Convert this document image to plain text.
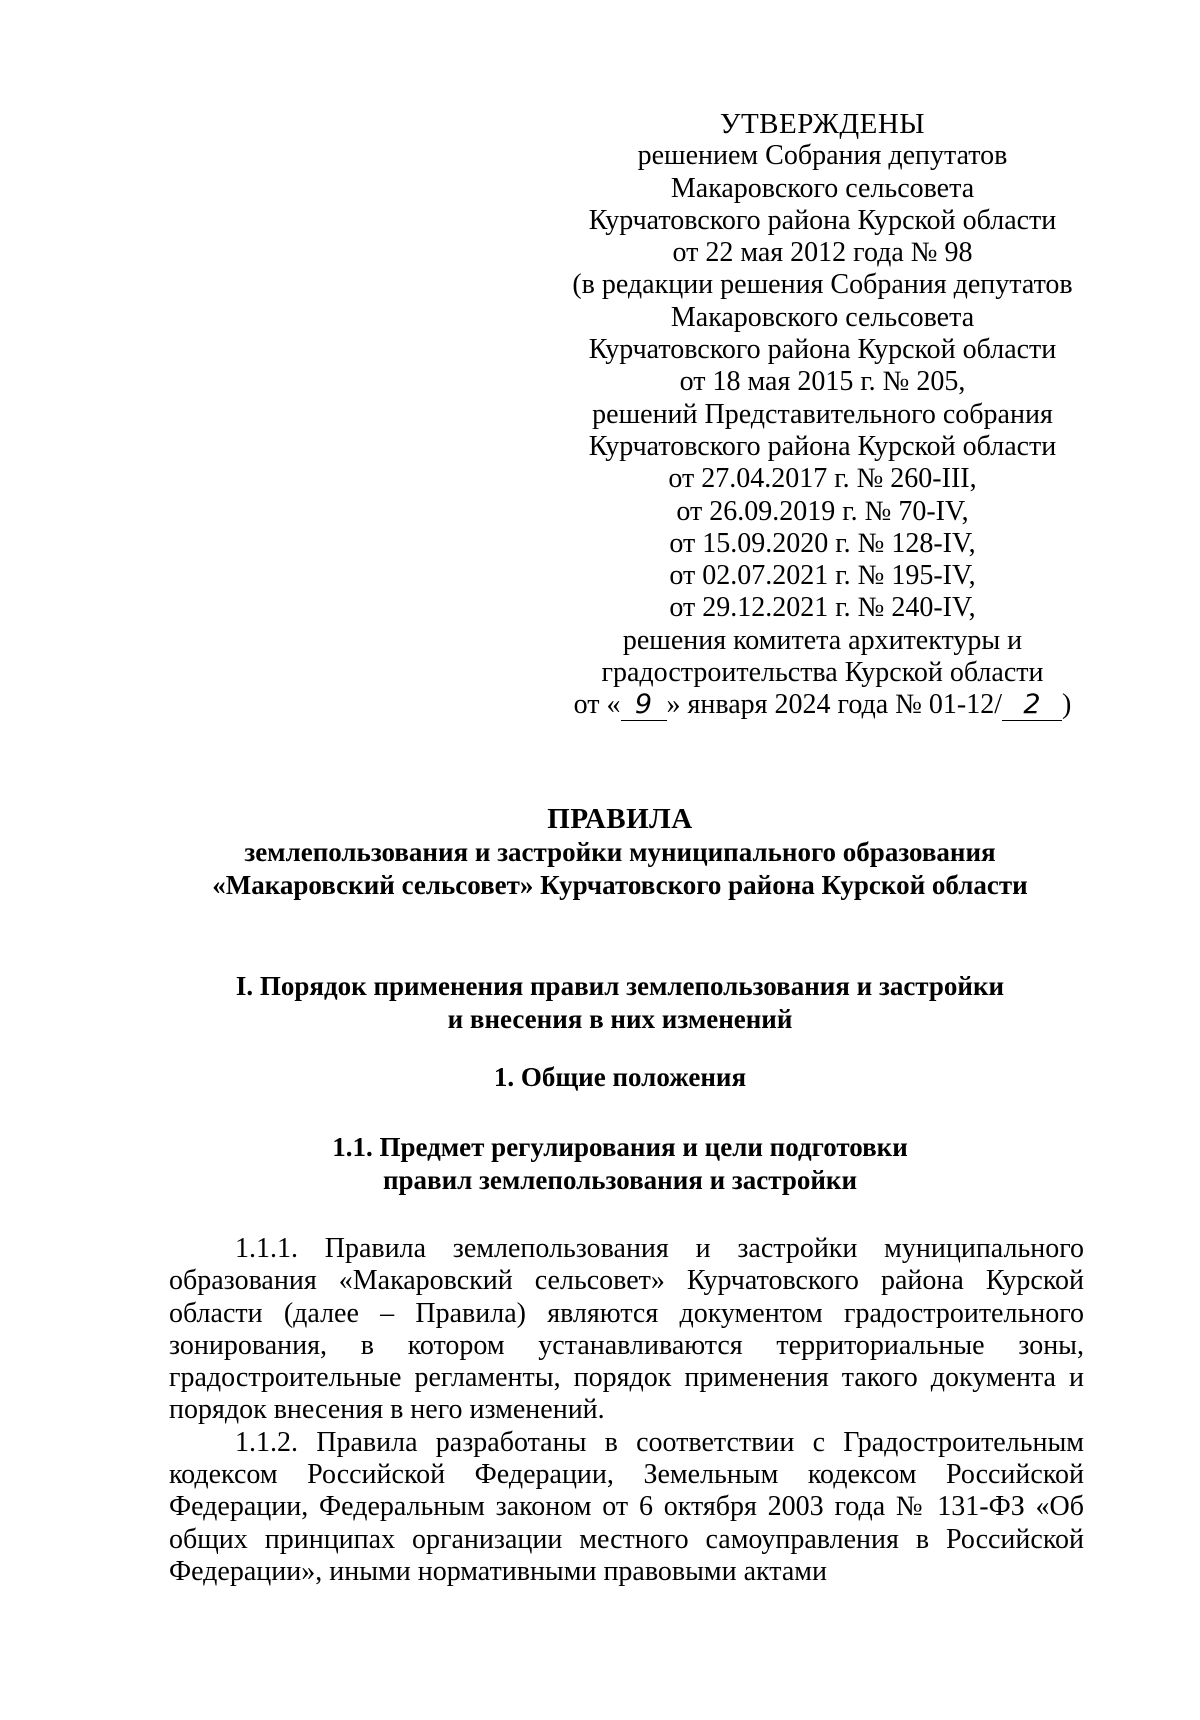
УТВЕРЖДЕНЫ
решением Собрания депутатов
Макаровского сельсовета
Курчатовского района Курской области
от 22 мая 2012 года № 98
(в редакции решения Собрания депутатов
Макаровского сельсовета
Курчатовского района Курской области
от 18 мая 2015 г. № 205,
решений Представительного собрания
Курчатовского района Курской области
от 27.04.2017 г. № 260-III,
от 26.09.2019 г. № 70-IV,
от 15.09.2020 г. № 128-IV,
от 02.07.2021 г. № 195-IV,
от 29.12.2021 г. № 240-IV,
решения комитета архитектуры и
градостроительства Курской области
от « 9 » января 2024 года № 01-12/ 2 )
ПРАВИЛА
землепользования и застройки муниципального образования
«Макаровский сельсовет» Курчатовского района Курской области
I. Порядок применения правил землепользования и застройки
и внесения в них изменений
1. Общие положения
1.1. Предмет регулирования и цели подготовки
правил землепользования и застройки

1.1.1. Правила землепользования и застройки муниципального образования «Макаровский сельсовет» Курчатовского района Курской области (далее – Правила) являются документом градостроительного зонирования, в котором устанавливаются территориальные зоны, градостроительные регламенты, порядок применения такого документа и порядок внесения в него изменений.

1.1.2. Правила разработаны в соответствии с Градостроительным кодексом Российской Федерации, Земельным кодексом Российской Федерации, Федеральным законом от 6 октября 2003 года № 131-ФЗ «Об общих принципах организации местного самоуправления в Российской Федерации», иными нормативными правовыми актами
